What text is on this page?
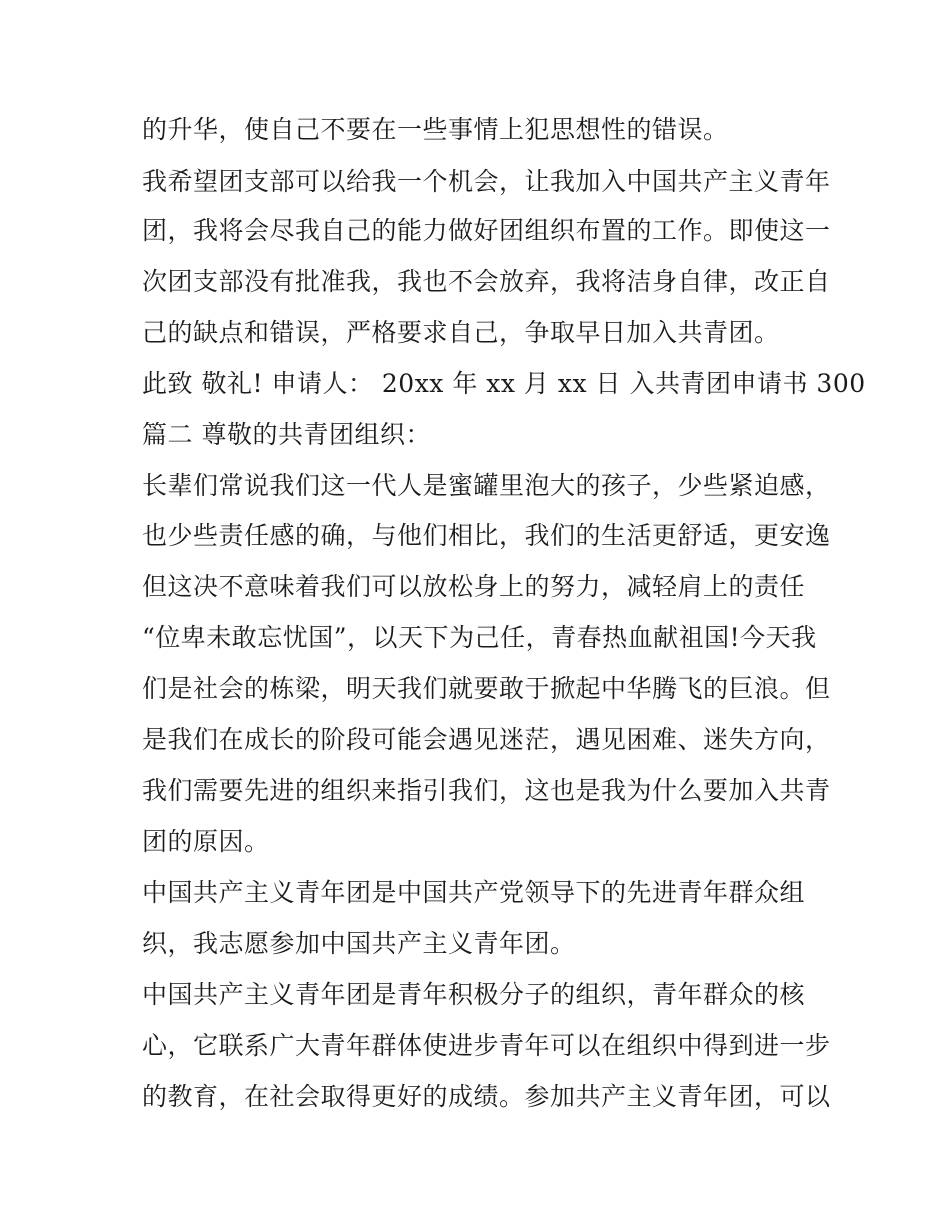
的升华，使自己不要在一些事情上犯思想性的错误。
我希望团支部可以给我一个机会，让我加入中国共产主义青年
团，我将会尽我自己的能力做好团组织布置的工作。即使这一
次团支部没有批准我，我也不会放弃，我将洁身自律，改正自
己的缺点和错误，严格要求自己，争取早日加入共青团。
此致 敬礼! 申请人： 20xx 年 xx 月 xx 日 入共青团申请书 300
篇二 尊敬的共青团组织：
长辈们常说我们这一代人是蜜罐里泡大的孩子，少些紧迫感，
也少些责任感的确，与他们相比，我们的生活更舒适，更安逸
但这决不意味着我们可以放松身上的努力，减轻肩上的责任
“位卑未敢忘忧国”，以天下为己任，青春热血献祖国!今天我
们是社会的栋梁，明天我们就要敢于掀起中华腾飞的巨浪。但
是我们在成长的阶段可能会遇见迷茫，遇见困难、迷失方向，
我们需要先进的组织来指引我们，这也是我为什么要加入共青
团的原因。
中国共产主义青年团是中国共产党领导下的先进青年群众组
织，我志愿参加中国共产主义青年团。
中国共产主义青年团是青年积极分子的组织，青年群众的核
心，它联系广大青年群体使进步青年可以在组织中得到进一步
的教育，在社会取得更好的成绩。参加共产主义青年团，可以
